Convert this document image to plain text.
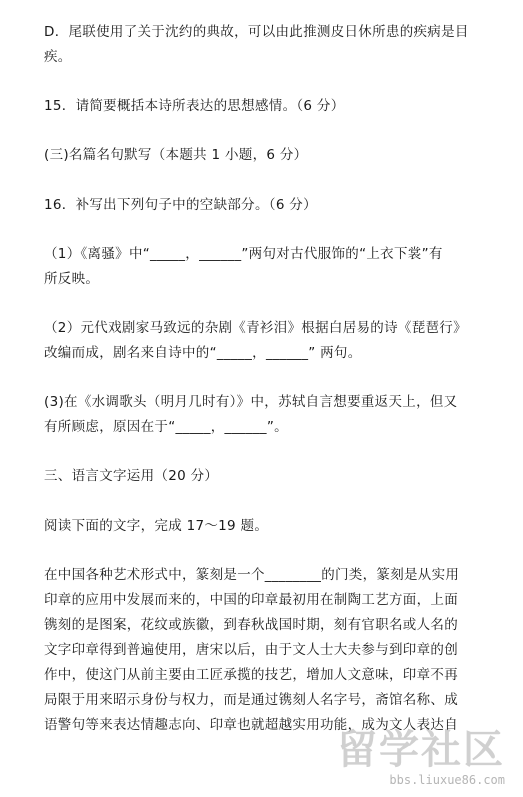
D．尾联使用了关于沈约的典故，可以由此推测皮日休所患的疾病是目
疾。
15．请简要概括本诗所表达的思想感情。（6 分）
(三)名篇名句默写（本题共 1 小题，6 分）
16．补写出下列句子中的空缺部分。（6 分）
（1）《离骚》中“_____，______”两句对古代服饰的“上衣下裳”有
所反映。
（2）元代戏剧家马致远的杂剧《青衫泪》根据白居易的诗《琵琶行》
改编而成，剧名来自诗中的“_____，______” 两句。
(3)在《水调歌头（明月几时有）》中，苏轼自言想要重返天上，但又
有所顾虑，原因在于“_____，______”。
三、语言文字运用（20 分）
阅读下面的文字，完成 17～19 题。
在中国各种艺术形式中，篆刻是一个________的门类，篆刻是从实用
印章的应用中发展而来的，中国的印章最初用在制陶工艺方面，上面
镌刻的是图案，花纹或族徽，到春秋战国时期，刻有官职名或人名的
文字印章得到普遍使用，唐宋以后，由于文人士大夫参与到印章的创
作中，使这门从前主要由工匠承揽的技艺，增加人文意味，印章不再
局限于用来昭示身份与权力，而是通过镌刻人名字号，斋馆名称、成
语警句等来表达情趣志向、印章也就超越实用功能，成为文人表达自
留学社区
bbs.liuxue86.com
